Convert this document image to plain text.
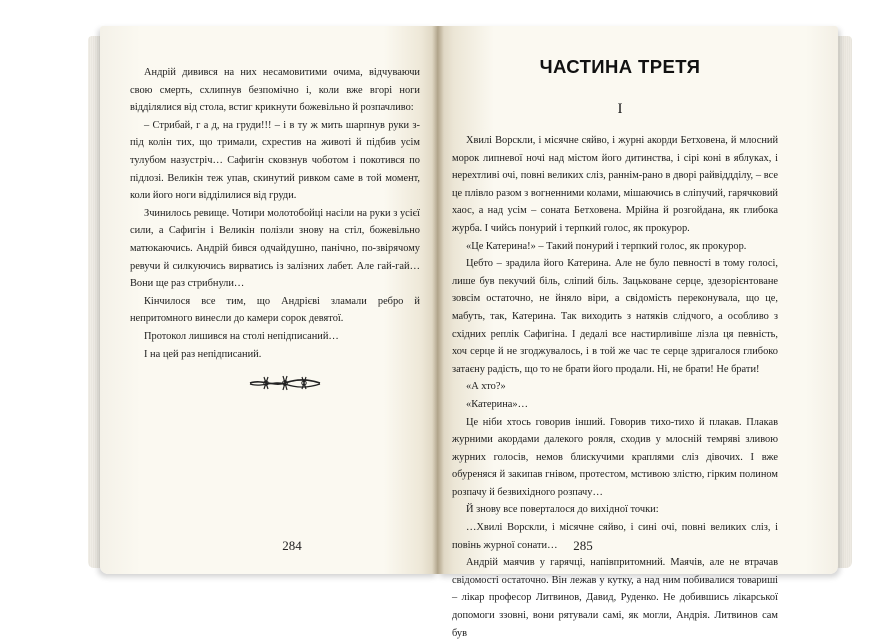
Андрій дивився на них несамовитими очима, відчуваючи свою смерть, схлипнув безпомічно і, коли вже вгорі ноги відділялися від стола, встиг крикнути божевільно й розпачливо:

– Стрибай, г а д, на груди!!! – і в ту ж мить шарпнув руки з-під колін тих, що тримали, схрестив на животі й підбив усім тулубом назустріч… Сафигін сковзнув чоботом і покотився по підлозі. Великін теж упав, скинутий ривком саме в той момент, коли його ноги відділилися від груди.

Зчинилось ревище. Чотири молотобойці насіли на руки з усієї сили, а Сафигін і Великін полізли знову на стіл, божевільно матюкаючись. Андрій бився одчайдушно, панічно, по-звірячому ревучи й силкуючись вирватись із залізних лабет. Але гай-гай… Вони ще раз стрибнули…

Кінчилося все тим, що Андрієві зламали ребро й непритомного винесли до камери сорок девятої.

Протокол лишився на столі непідписаний…

І на цей раз непідписаний.

284
ЧАСТИНА ТРЕТЯ
I

Хвилі Ворскли, і місячне сяйво, і журні акорди Бетховена, й млосний морок липневої ночі над містом його дитинства, і сірі коні в яблуках, і нерехтливі очі, повні великих сліз, раннім-рано в дворі райвіддділу, – все це плівло разом з вогненними колами, мішаючись в сліпучий, гарячковий хаос, а над усім – соната Бетховена. Мрійна й розгойдана, як глибока журба. І чийсь понурий і терпкий голос, як прокурор.

«Це Катерина!» – Такий понурий і терпкий голос, як прокурор.

Цебто – зрадила його Катерина. Але не було певності в тому голосі, лише був пекучий біль, сліпий біль. Зацьковане серце, здезорієнтоване зовсім остаточно, не йняло віри, а свідомість переконувала, що це, мабуть, так, Катерина. Так виходить з натяків слідчого, а особливо з східних реплік Сафигіна. І дедалі все настирливіше лізла ця певність, хоч серце й не згоджувалось, і в той же час те серце здригалося глибоко затаєну радість, що то не брати його продали. Ні, не брати! Не брати!

«А хто?»

«Катерина»…

Це ніби хтось говорив інший. Говорив тихо-тихо й плакав. Плакав журними акордами далекого рояля, сходив у млосній темряві зливою журних голосів, немов блискучими краплями сліз дівочих. І вже обуреняся й закипав гнівом, протестом, мстивою злістю, гірким полином розпачу й безвихідного розпачу…

Й знову все поверталося до вихідної точки:

…Хвилі Ворскли, і місячне сяйво, і сині очі, повні великих сліз, і повінь журної сонати…

Андрій маячив у гарячці, напівпритомний. Маячів, але не втрачав свідомості остаточно. Він лежав у кутку, а над ним побивалися товариші – лікар професор Литвинов, Давид, Руденко. Не добившись лікарської допомоги ззовні, вони рятували самі, як могли, Андрія. Литвинов сам був

285
